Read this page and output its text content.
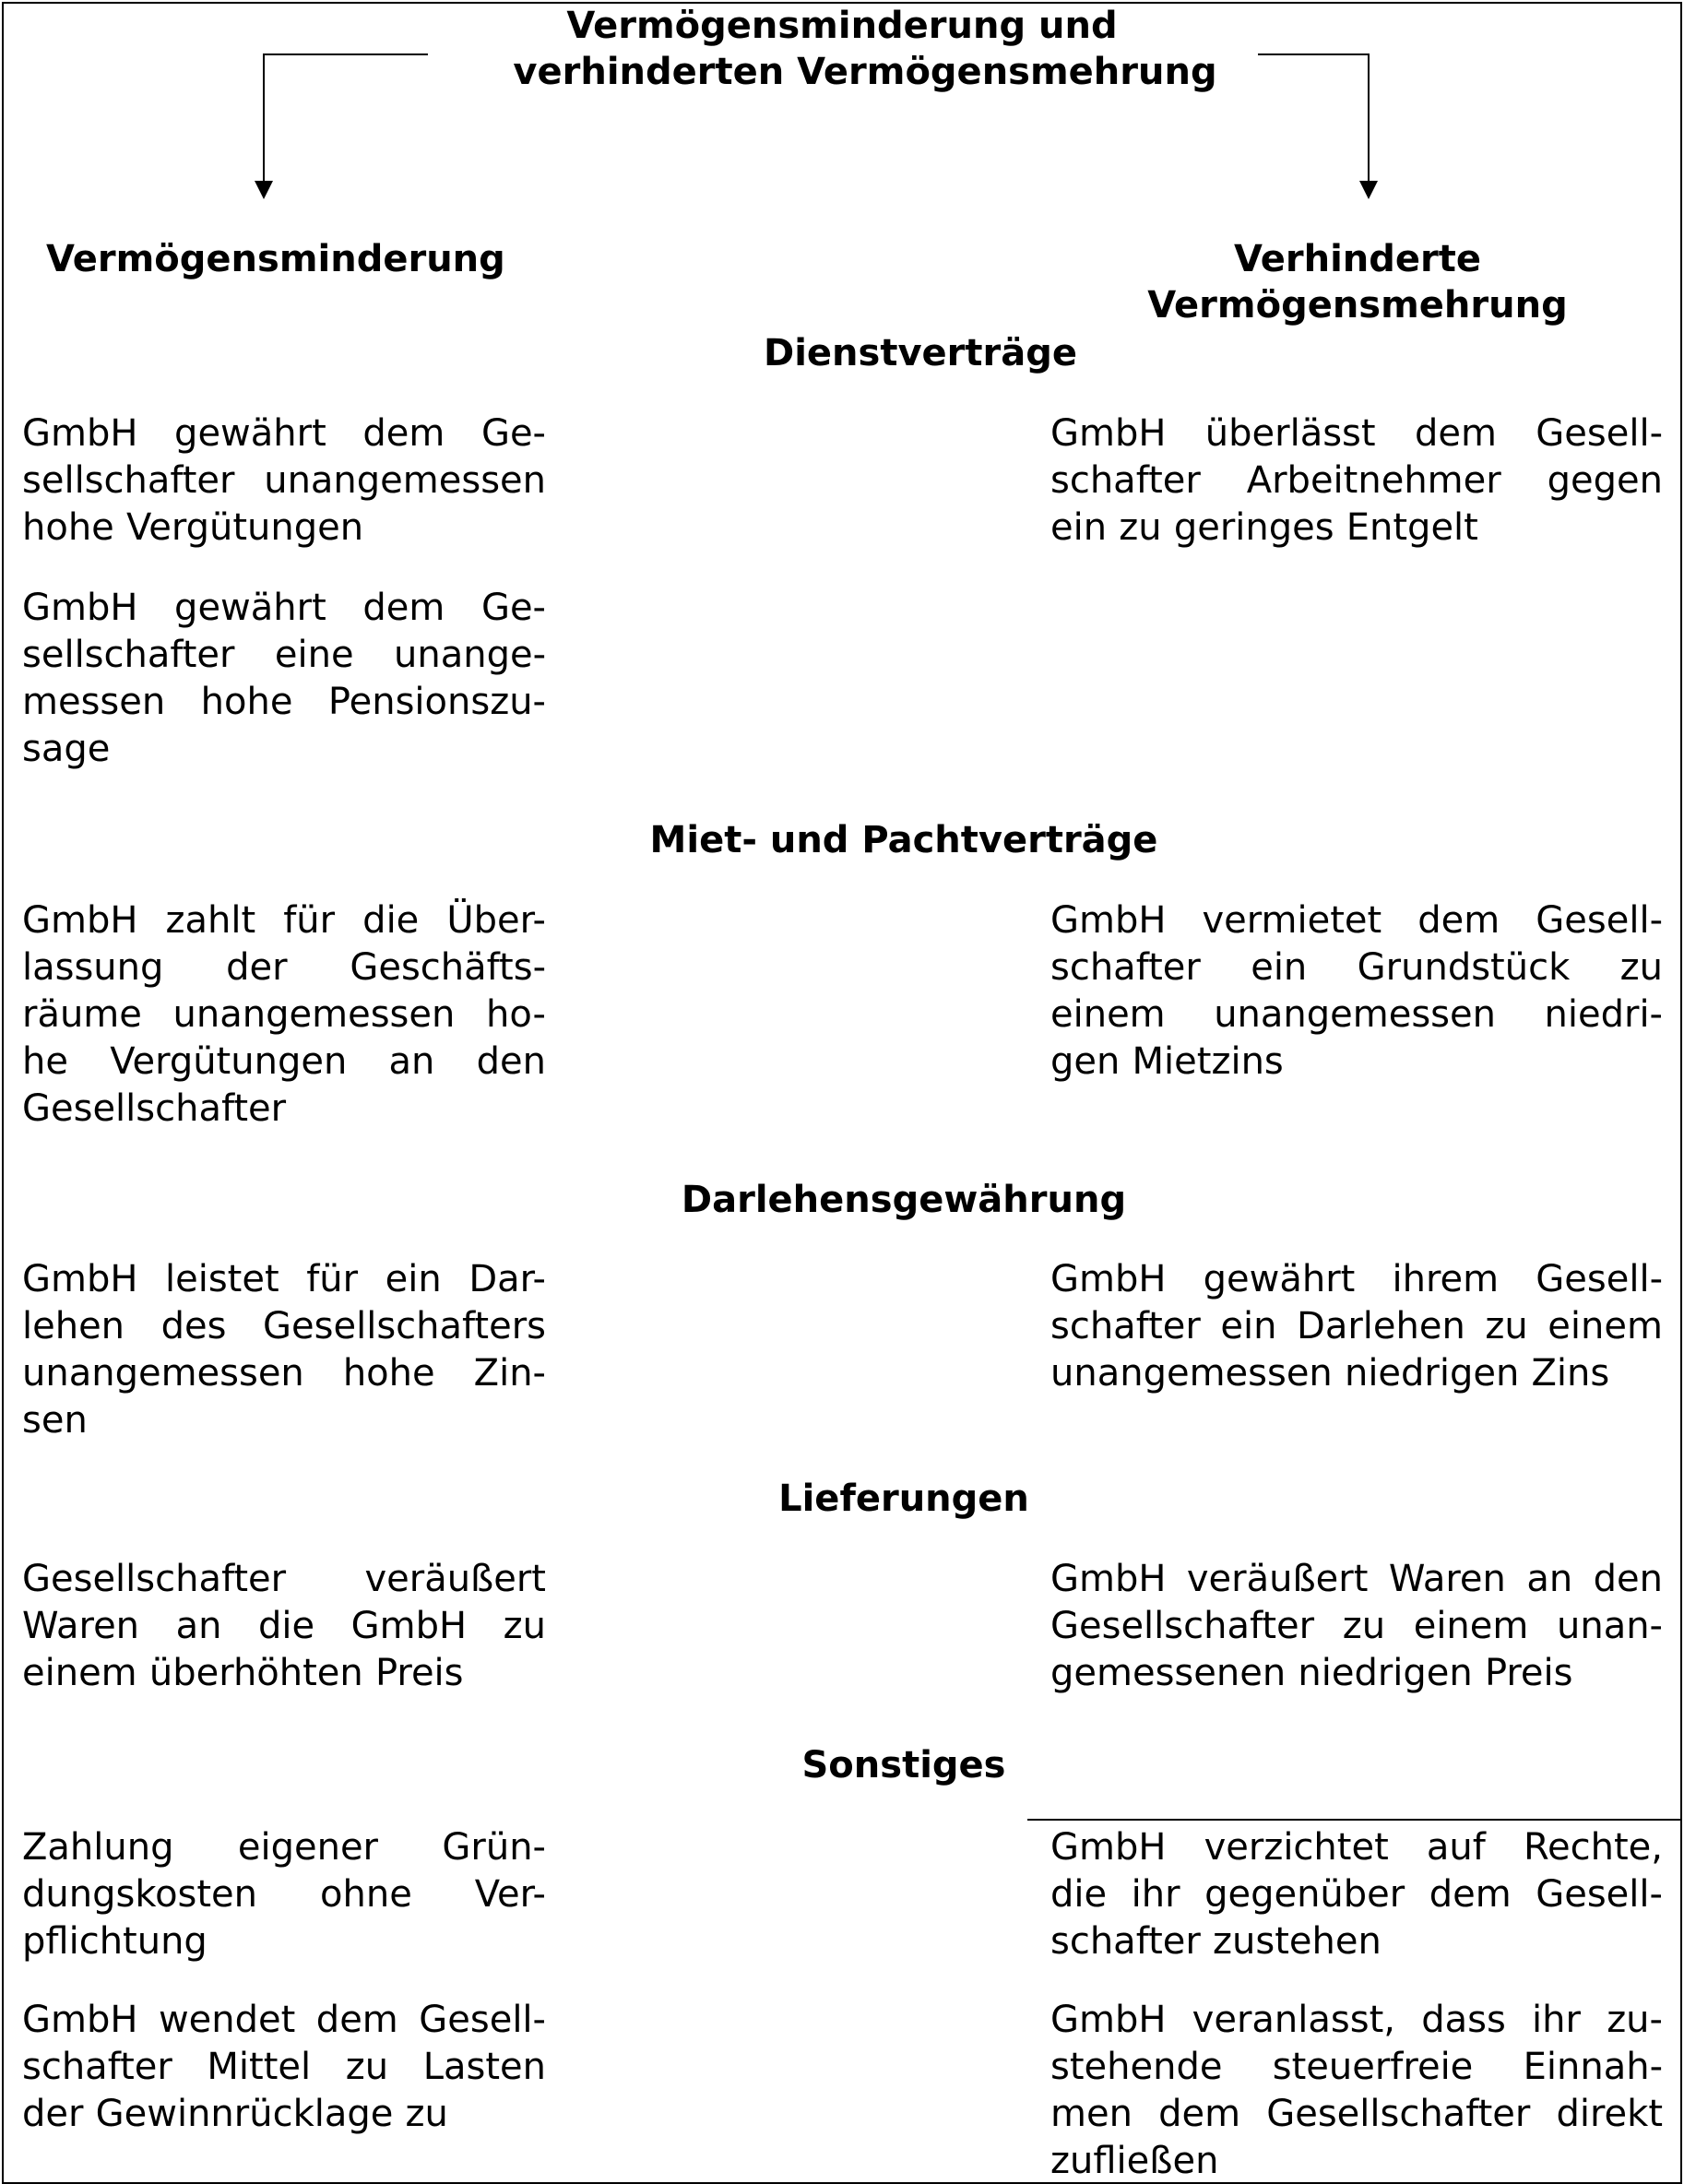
Vermögensminderung und
verhinderten Vermögensmehrung
Vermögensminderung	Verhinderte
Vermögensmehrung
Dienstverträge
Miet- und Pachtverträge
Darlehensgewährung
Lieferungen
Sonstiges
GmbH gewährt dem Ge-
sellschafter unangemessen
hohe Vergütungen
GmbH gewährt dem Ge-
sellschafter eine unange-
messen hohe Pensionszu-
sage
GmbH überlässt dem Gesell-
schafter Arbeitnehmer gegen
ein zu geringes Entgelt
GmbH zahlt für die Über-
lassung der Geschäfts-
räume unangemessen ho-
he Vergütungen an den
Gesellschafter
GmbH vermietet dem Gesell-
schafter ein Grundstück zu
einem unangemessen niedri-
gen Mietzins
GmbH leistet für ein Dar-
lehen des Gesellschafters
unangemessen hohe Zin-
sen
GmbH gewährt ihrem Gesell-
schafter ein Darlehen zu einem
unangemessen niedrigen Zins
Gesellschafter veräußert
Waren an die GmbH zu
einem überhöhten Preis
GmbH veräußert Waren an den
Gesellschafter zu einem unan-
gemessenen niedrigen Preis
Zahlung eigener Grün-
dungskosten ohne Ver-
pflichtung
GmbH wendet dem Gesell-
schafter Mittel zu Lasten
der Gewinnrücklage zu
GmbH verzichtet auf Rechte,
die ihr gegenüber dem Gesell-
schafter zustehen
GmbH veranlasst, dass ihr zu-
stehende steuerfreie Einnah-
men dem Gesellschafter direkt
zufließen
